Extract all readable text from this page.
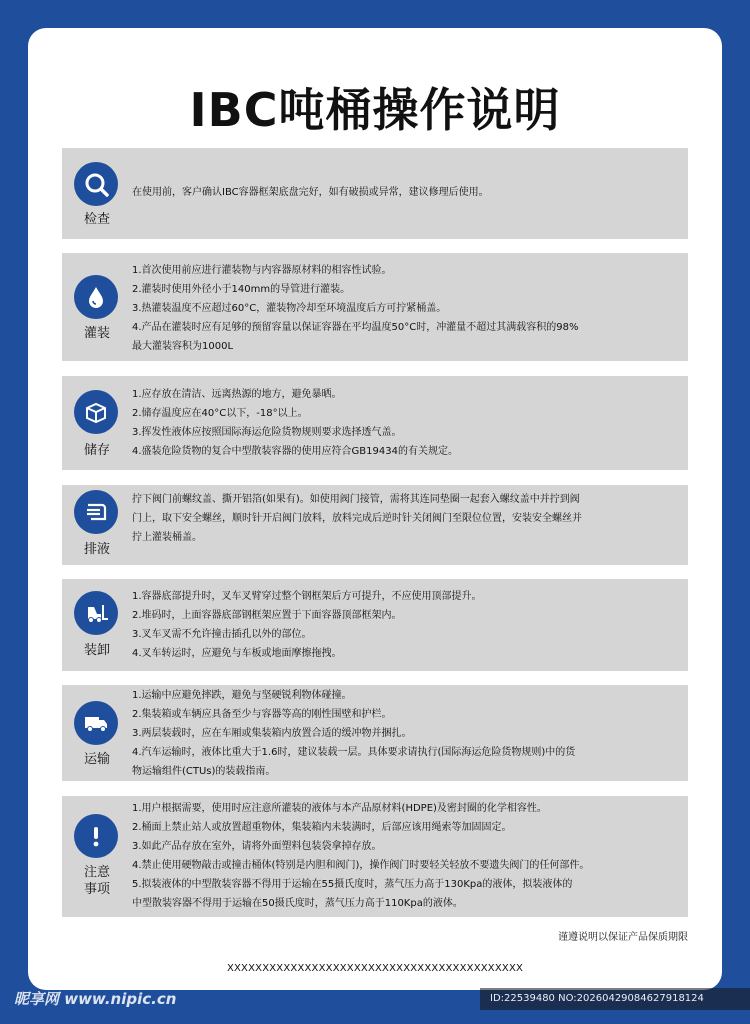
IBC吨桶操作说明
检查
在使用前，客户确认IBC容器框架底盘完好，如有破损或异常，建议修理后使用。
灌装
1.首次使用前应进行灌装物与内容器原材料的相容性试验。
2.灌装时使用外径小于140mm的导管进行灌装。
3.热灌装温度不应超过60°C，灌装物冷却至环境温度后方可拧紧桶盖。
4.产品在灌装时应有足够的预留容量以保证容器在平均温度50°C时，冲灌量不超过其满载容积的98%
最大灌装容积为1000L
储存
1.应存放在清洁、远离热源的地方，避免暴晒。
2.储存温度应在40°C以下，-18°以上。
3.挥发性液体应按照国际海运危险货物规则要求选择透气盖。
4.盛装危险货物的复合中型散装容器的使用应符合GB19434的有关规定。
排液
拧下阀门前螺纹盖、撕开铝箔(如果有)。如使用阀门接管，需将其连同垫圈一起套入螺纹盖中并拧到阀
门上，取下安全螺丝，顺时针开启阀门放料，放料完成后逆时针关闭阀门至限位位置，安装安全螺丝并
拧上灌装桶盖。
装卸
1.容器底部提升时，叉车叉臂穿过整个钢框架后方可提升，不应使用顶部提升。
2.堆码时，上面容器底部钢框架应置于下面容器顶部框架内。
3.叉车叉需不允许撞击插孔以外的部位。
4.叉车转运时，应避免与车板或地面摩擦拖拽。
运输
1.运输中应避免摔跌，避免与坚硬锐利物体碰撞。
2.集装箱或车辆应具备至少与容器等高的刚性围壁和护栏。
3.两层装载时，应在车厢或集装箱内放置合适的缓冲物并捆扎。
4.汽车运输时，液体比重大于1.6时，建议装载一层。具体要求请执行(国际海运危险货物规则)中的货
物运输组件(CTUs)的装载指南。
注意
事项
1.用户根据需要，使用时应注意所灌装的液体与本产品原材料(HDPE)及密封圈的化学相容性。
2.桶面上禁止站人或放置超重物体，集装箱内未装满时，后部应该用绳索等加固固定。
3.如此产品存放在室外，请将外面塑料包装袋拿掉存放。
4.禁止使用硬物敲击或撞击桶体(特别是内胆和阀门)，操作阀门时要轻关轻放不要遗失阀门的任何部件。
5.拟装液体的中型散装容器不得用于运输在55摄氏度时，蒸气压力高于130Kpa的液体，拟装液体的
中型散装容器不得用于运输在50摄氏度时，蒸气压力高于110Kpa的液体。
谨遵说明以保证产品保质期限
XXXXXXXXXXXXXXXXXXXXXXXXXXXXXXXXXXXXXXXXXX
昵享网 www.nipic.cn	ID:22539480 NO:20260429084627918124
